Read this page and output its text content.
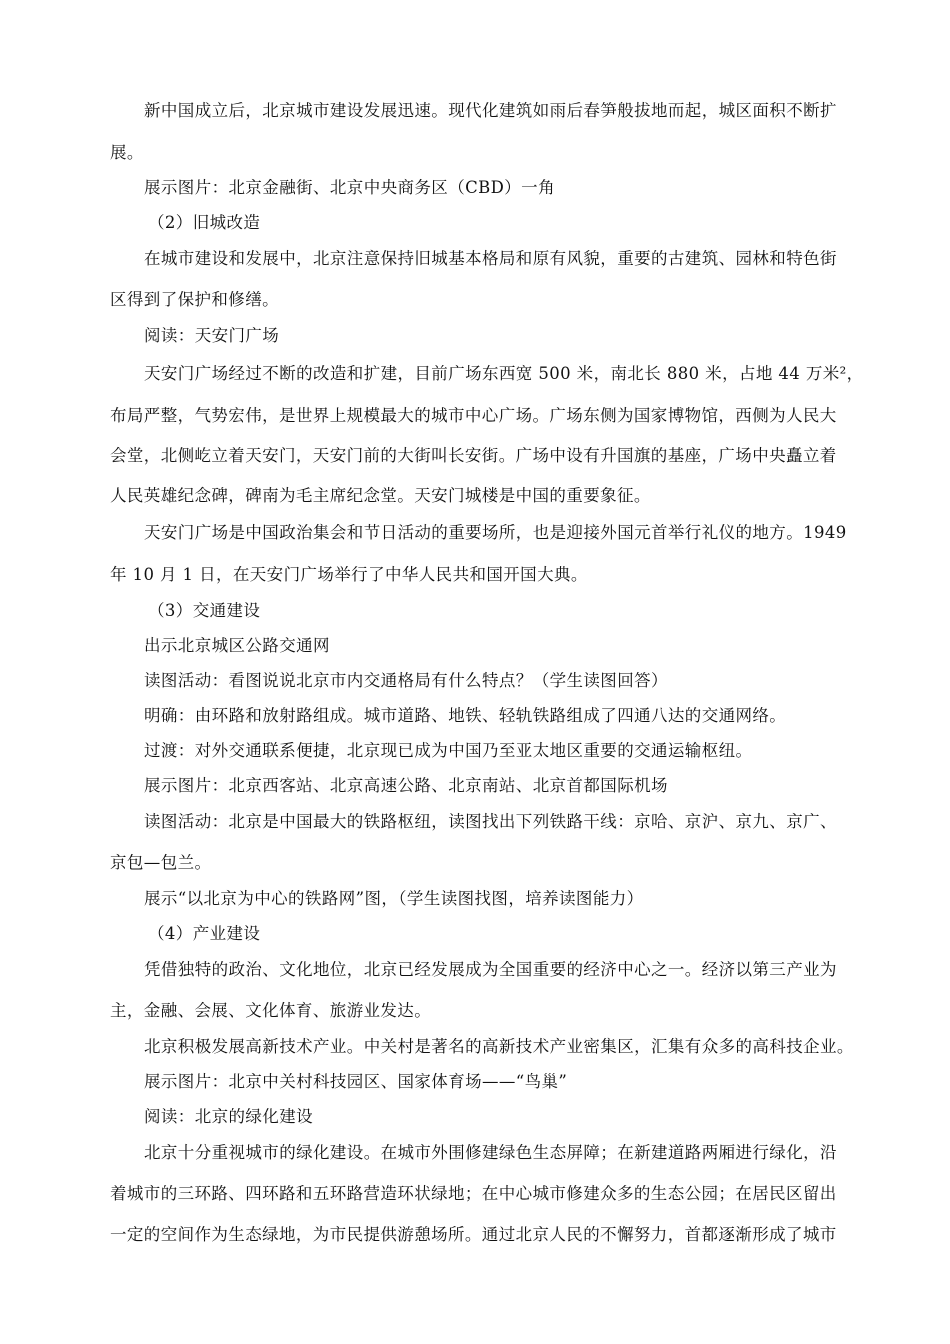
新中国成立后，北京城市建设发展迅速。现代化建筑如雨后春笋般拔地而起，城区面积不断扩
展。
展示图片：北京金融街、北京中央商务区（CBD）一角
（2）旧城改造
在城市建设和发展中，北京注意保持旧城基本格局和原有风貌，重要的古建筑、园林和特色街
区得到了保护和修缮。
阅读：天安门广场
天安门广场经过不断的改造和扩建，目前广场东西宽 500 米，南北长 880 米，占地 44 万米²，
布局严整，气势宏伟，是世界上规模最大的城市中心广场。广场东侧为国家博物馆，西侧为人民大
会堂，北侧屹立着天安门，天安门前的大街叫长安街。广场中设有升国旗的基座，广场中央矗立着
人民英雄纪念碑，碑南为毛主席纪念堂。天安门城楼是中国的重要象征。
天安门广场是中国政治集会和节日活动的重要场所，也是迎接外国元首举行礼仪的地方。1949
年 10 月 1 日，在天安门广场举行了中华人民共和国开国大典。
（3）交通建设
出示北京城区公路交通网
读图活动：看图说说北京市内交通格局有什么特点？（学生读图回答）
明确：由环路和放射路组成。城市道路、地铁、轻轨铁路组成了四通八达的交通网络。
过渡：对外交通联系便捷，北京现已成为中国乃至亚太地区重要的交通运输枢纽。
展示图片：北京西客站、北京高速公路、北京南站、北京首都国际机场
读图活动：北京是中国最大的铁路枢纽，读图找出下列铁路干线：京哈、京沪、京九、京广、
京包—包兰。
展示“以北京为中心的铁路网”图，（学生读图找图，培养读图能力）
（4）产业建设
凭借独特的政治、文化地位，北京已经发展成为全国重要的经济中心之一。经济以第三产业为
主，金融、会展、文化体育、旅游业发达。
北京积极发展高新技术产业。中关村是著名的高新技术产业密集区，汇集有众多的高科技企业。
展示图片：北京中关村科技园区、国家体育场——“鸟巢”
阅读：北京的绿化建设
北京十分重视城市的绿化建设。在城市外围修建绿色生态屏障；在新建道路两厢进行绿化，沿
着城市的三环路、四环路和五环路营造环状绿地；在中心城市修建众多的生态公园；在居民区留出
一定的空间作为生态绿地，为市民提供游憩场所。通过北京人民的不懈努力，首都逐渐形成了城市
